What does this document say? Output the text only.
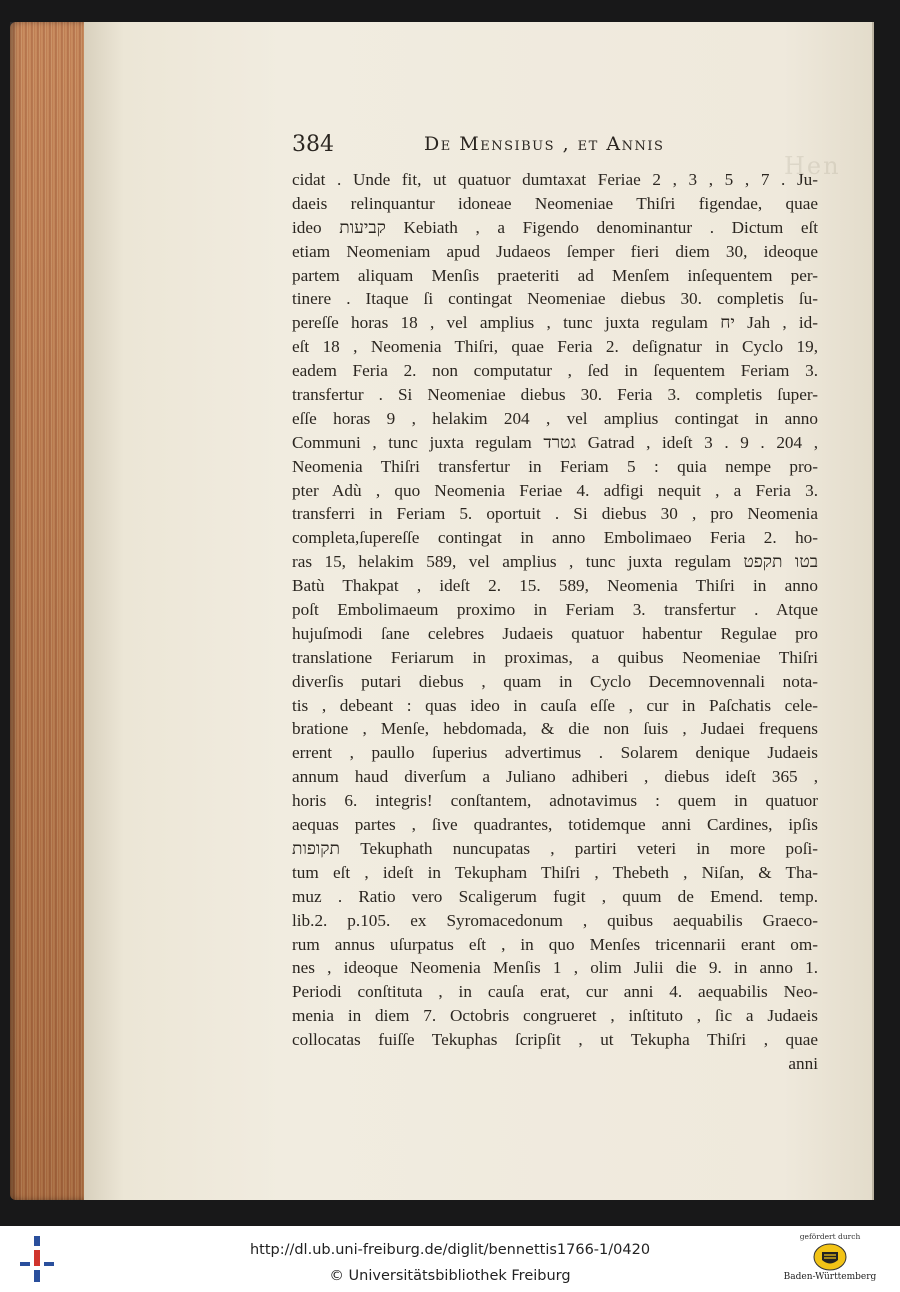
Hen
384	De Mensibus , et Annis
cidat . Unde fit, ut quatuor dumtaxat Feriae 2 , 3 , 5 , 7 . Ju-
daeis relinquantur idoneae Neomeniae Thiſri figendae, quae
ideo קביעות Kebiath , a Figendo denominantur . Dictum eſt
etiam Neomeniam apud Judaeos ſemper fieri diem 30, ideoque
partem aliquam Menſis praeteriti ad Menſem inſequentem per-
tinere . Itaque ſi contingat Neomeniae diebus 30. completis ſu-
pereſſe horas 18 , vel amplius , tunc juxta regulam יח Jah , id-
eſt 18 , Neomenia Thiſri, quae Feria 2. deſignatur in Cyclo 19,
eadem Feria 2. non computatur , ſed in ſequentem Feriam 3.
transfertur . Si Neomeniae diebus 30. Feria 3. completis ſuper-
eſſe horas 9 , helakim 204 , vel amplius contingat in anno
Communi , tunc juxta regulam גטרד Gatrad , ideſt 3 . 9 . 204 ,
Neomenia Thiſri transfertur in Feriam 5 : quia nempe pro-
pter Adù , quo Neomenia Feriae 4. adfigi nequit , a Feria 3.
transferri in Feriam 5. oportuit . Si diebus 30 , pro Neomenia
completa,ſupereſſe contingat in anno Embolimaeo Feria 2. ho-
ras 15, helakim 589, vel amplius , tunc juxta regulam בטו תקפט
Batù Thakpat , ideſt 2. 15. 589, Neomenia Thiſri in anno
poſt Embolimaeum proximo in Feriam 3. transfertur . Atque
hujuſmodi ſane celebres Judaeis quatuor habentur Regulae pro
translatione Feriarum in proximas, a quibus Neomeniae Thiſri
diverſis putari diebus , quam in Cyclo Decemnovennali nota-
tis , debeant : quas ideo in cauſa eſſe , cur in Paſchatis cele-
bratione , Menſe, hebdomada, & die non ſuis , Judaei frequens
errent , paullo ſuperius advertimus . Solarem denique Judaeis
annum haud diverſum a Juliano adhiberi , diebus ideſt 365 ,
horis 6. integris! conſtantem, adnotavimus : quem in quatuor
aequas partes , ſive quadrantes, totidemque anni Cardines, ipſis
תקופות Tekuphath nuncupatas , partiri veteri in more poſi-
tum eſt , ideſt in Tekupham Thiſri , Thebeth , Niſan, & Tha-
muz . Ratio vero Scaligerum fugit , quum de Emend. temp.
lib.2. p.105. ex Syromacedonum , quibus aequabilis Graeco-
rum annus uſurpatus eſt , in quo Menſes tricennarii erant om-
nes , ideoque Neomenia Menſis 1 , olim Julii die 9. in anno 1.
Periodi conſtituta , in cauſa erat, cur anni 4. aequabilis Neo-
menia in diem 7. Octobris congrueret , inſtituto , ſic a Judaeis
collocatas fuiſſe Tekuphas ſcripſit , ut Tekupha Thiſri , quae
anni
http://dl.ub.uni-freiburg.de/diglit/bennettis1766-1/0420
© Universitätsbibliothek Freiburg
gefördert durch
Baden-Württemberg
